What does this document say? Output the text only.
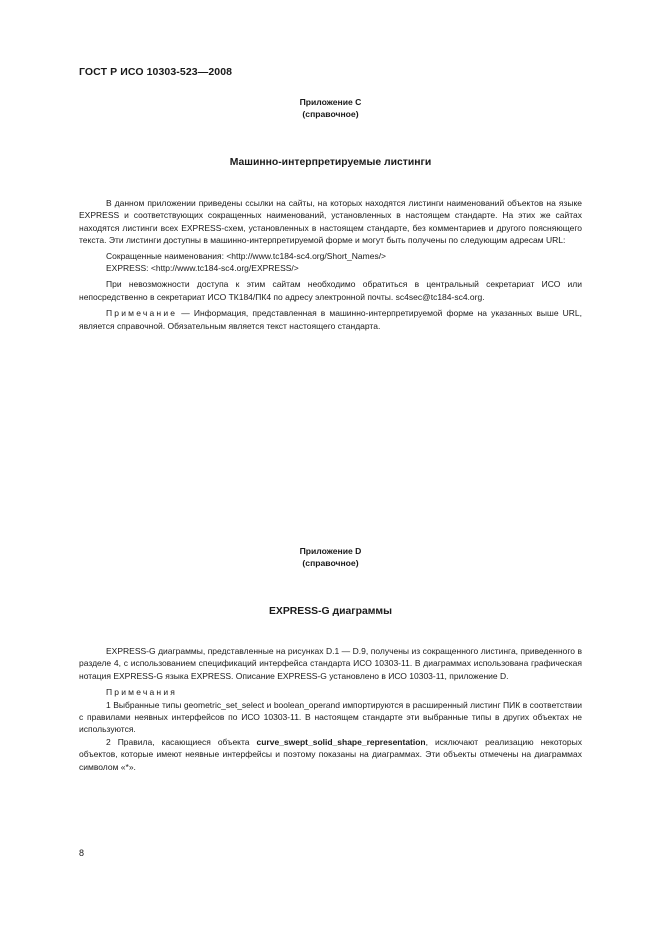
ГОСТ Р ИСО 10303-523—2008
Приложение С
(справочное)
Машинно-интерпретируемые листинги

В данном приложении приведены ссылки на сайты, на которых находятся листинги наименований объектов на языке EXPRESS и соответствующих сокращенных наименований, установленных в настоящем стандарте. На этих же сайтах находятся листинги всех EXPRESS-схем, установленных в настоящем стандарте, без комментариев и другого поясняющего текста. Эти листинги доступны в машинно-интерпретируемой форме и могут быть получены по следующим адресам URL:

Сокращенные наименования: <http://www.tc184-sc4.org/Short_Names/>
EXPRESS: <http://www.tc184-sc4.org/EXPRESS/>

При невозможности доступа к этим сайтам необходимо обратиться в центральный секретариат ИСО или непосредственно в секретариат ИСО ТК184/ПК4 по адресу электронной почты. sc4sec@tc184-sc4.org.

Примечание — Информация, представленная в машинно-интерпретируемой форме на указанных выше URL, является справочной. Обязательным является текст настоящего стандарта.

Приложение D
(справочное)
EXPRESS-G диаграммы

EXPRESS-G диаграммы, представленные на рисунках D.1 — D.9, получены из сокращенного листинга, приведенного в разделе 4, с использованием спецификаций интерфейса стандарта ИСО 10303-11. В диаграммах использована графическая нотация EXPRESS-G языка EXPRESS. Описание EXPRESS-G установлено в ИСО 10303-11, приложение D.

Примечания

1 Выбранные типы geometric_set_select и boolean_operand импортируются в расширенный листинг ПИК в соответствии с правилами неявных интерфейсов по ИСО 10303-11. В настоящем стандарте эти выбранные типы в других объектах не используются.

2 Правила, касающиеся объекта curve_swept_solid_shape_representation, исключают реализацию некоторых объектов, которые имеют неявные интерфейсы и поэтому показаны на диаграммах. Эти объекты отмечены на диаграммах символом «*».

8
